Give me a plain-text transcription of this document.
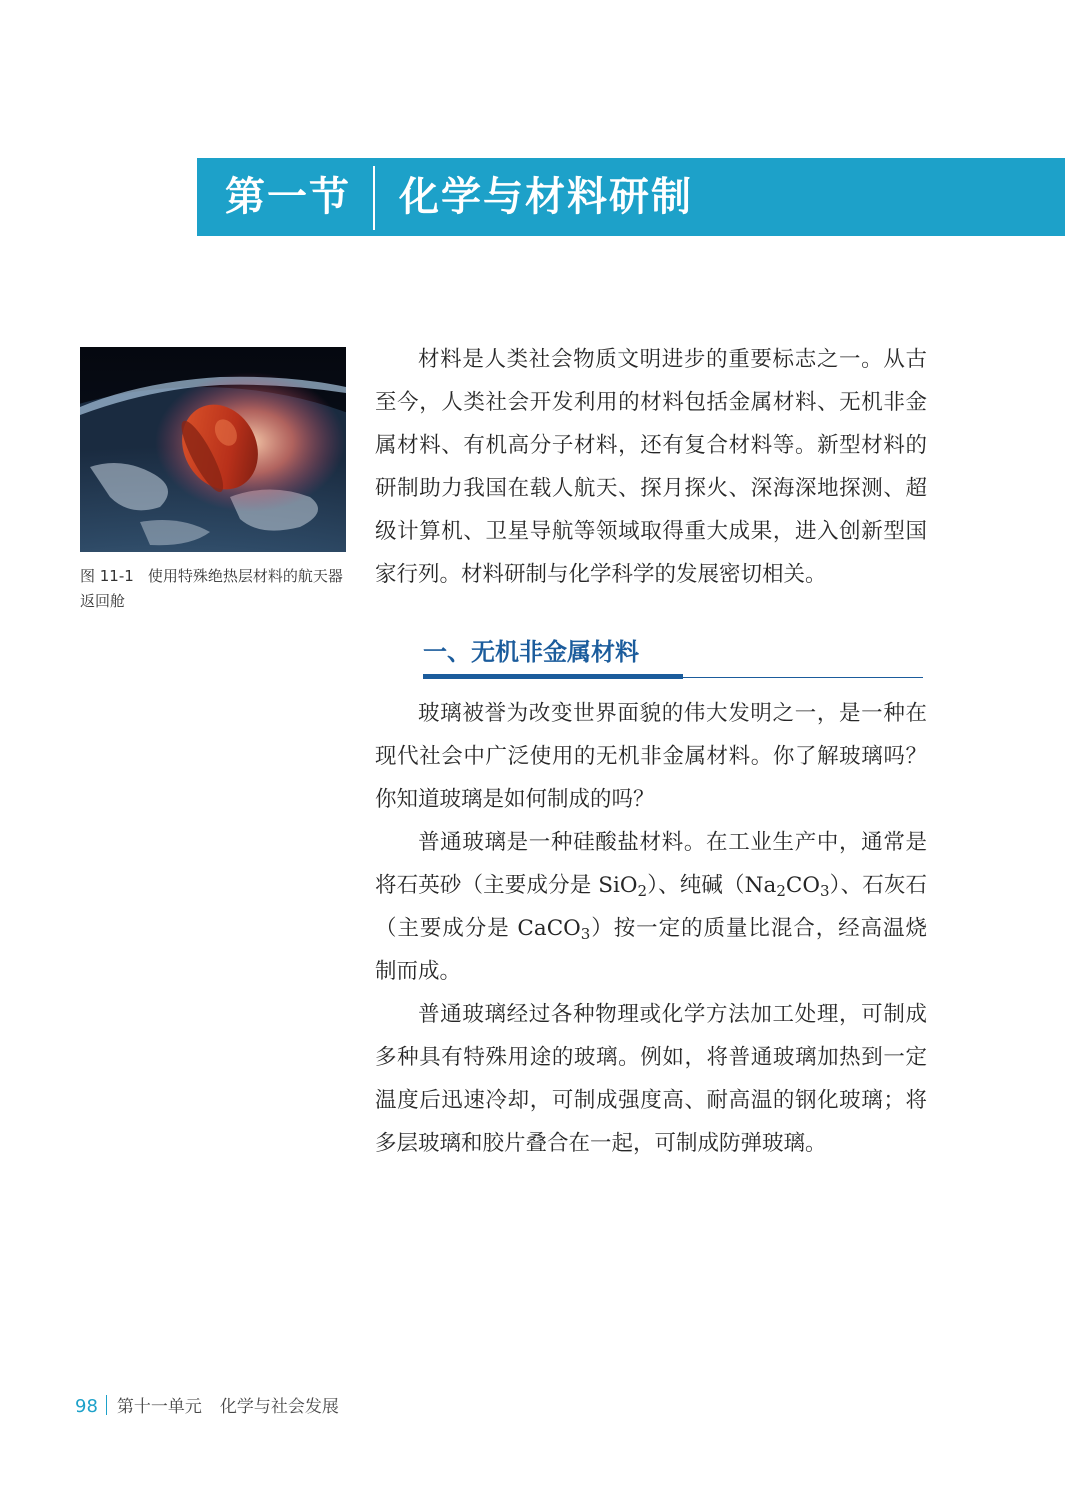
第一节 化学与材料研制
图 11-1 使用特殊绝热层材料的航天器返回舱

材料是人类社会物质文明进步的重要标志之一。从古至今，人类社会开发利用的材料包括金属材料、无机非金属材料、有机高分子材料，还有复合材料等。新型材料的研制助力我国在载人航天、探月探火、深海深地探测、超级计算机、卫星导航等领域取得重大成果，进入创新型国家行列。材料研制与化学科学的发展密切相关。

一、无机非金属材料

玻璃被誉为改变世界面貌的伟大发明之一，是一种在现代社会中广泛使用的无机非金属材料。你了解玻璃吗？你知道玻璃是如何制成的吗？

普通玻璃是一种硅酸盐材料。在工业生产中，通常是将石英砂（主要成分是 SiO$_2$）、纯碱$(Na_2CO_3)$、石灰石（主要成分是 CaCO$_3$）按一定的质量比混合，经高温烧制而成。

普通玻璃经过各种物理或化学方法加工处理，可制成多种具有特殊用途的玻璃。例如，将普通玻璃加热到一定温度后迅速冷却，可制成强度高、耐高温的钢化玻璃；将多层玻璃和胶片叠合在一起，可制成防弹玻璃。

98 第十一单元 化学与社会发展
